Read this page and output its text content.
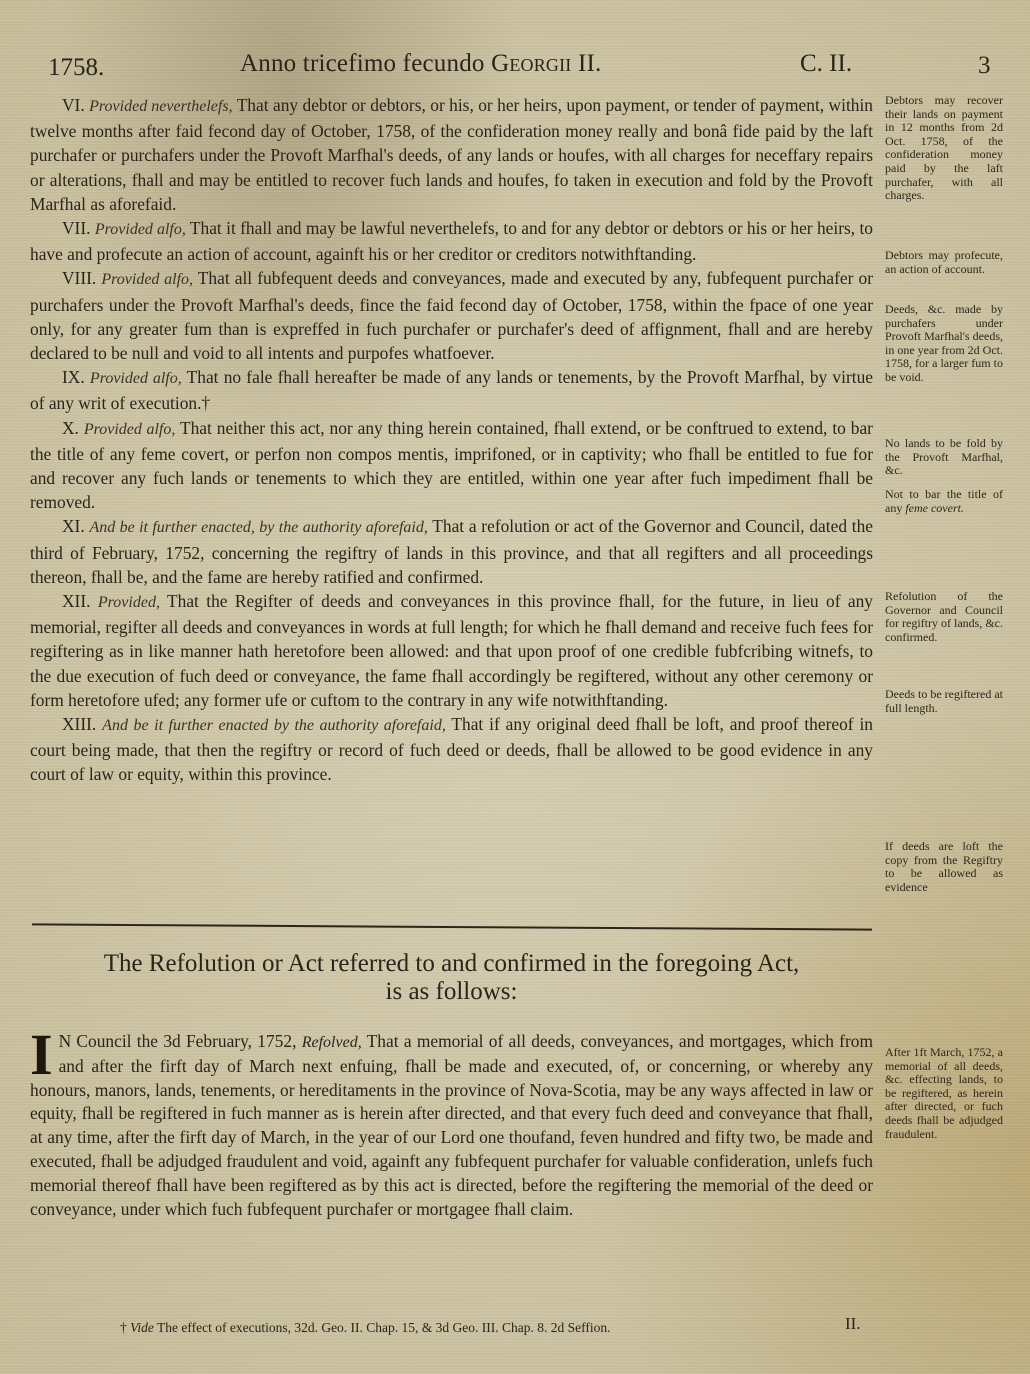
1758.	Anno tricefimo fecundo Georgii II.	C. II.	3

VI. Provided neverthelefs, That any debtor or debtors, or his, or her heirs, upon payment, or tender of payment, within twelve months after faid fecond day of October, 1758, of the confideration money really and bonâ fide paid by the laft purchafer or purchafers under the Provoft Marfhal's deeds, of any lands or houfes, with all charges for neceffary repairs or alterations, fhall and may be entitled to recover fuch lands and houfes, fo taken in execution and fold by the Provoft Marfhal as aforefaid.

VII. Provided alfo, That it fhall and may be lawful neverthelefs, to and for any debtor or debtors or his or her heirs, to have and profecute an action of account, againft his or her creditor or creditors notwithftanding.

VIII. Provided alfo, That all fubfequent deeds and conveyances, made and executed by any, fubfequent purchafer or purchafers under the Provoft Marfhal's deeds, fince the faid fecond day of October, 1758, within the fpace of one year only, for any greater fum than is expreffed in fuch purchafer or purchafer's deed of affignment, fhall and are hereby declared to be null and void to all intents and purpofes whatfoever.

IX. Provided alfo, That no fale fhall hereafter be made of any lands or tenements, by the Provoft Marfhal, by virtue of any writ of execution.†

X. Provided alfo, That neither this act, nor any thing herein contained, fhall extend, or be conftrued to extend, to bar the title of any feme covert, or perfon non compos mentis, imprifoned, or in captivity; who fhall be entitled to fue for and recover any fuch lands or tenements to which they are entitled, within one year after fuch impediment fhall be removed.

XI. And be it further enacted, by the authority aforefaid, That a refolution or act of the Governor and Council, dated the third of February, 1752, concerning the regiftry of lands in this province, and that all regifters and all proceedings thereon, fhall be, and the fame are hereby ratified and confirmed.

XII. Provided, That the Regifter of deeds and conveyances in this province fhall, for the future, in lieu of any memorial, regifter all deeds and conveyances in words at full length; for which he fhall demand and receive fuch fees for regiftering as in like manner hath heretofore been allowed: and that upon proof of one credible fubfcribing witnefs, to the due execution of fuch deed or conveyance, the fame fhall accordingly be regiftered, without any other ceremony or form heretofore ufed; any former ufe or cuftom to the contrary in any wife notwithftanding.

XIII. And be it further enacted by the authority aforefaid, That if any original deed fhall be loft, and proof thereof in court being made, that then the regiftry or record of fuch deed or deeds, fhall be allowed to be good evidence in any court of law or equity, within this province.

Debtors may recover their lands on payment in 12 months from 2d Oct. 1758, of the confideration money paid by the laft purchafer, with all charges.
Debtors may profecute, an action of account.
Deeds, &c. made by purchafers under Provoft Marfhal's deeds, in one year from 2d Oct. 1758, for a larger fum to be void.
No lands to be fold by the Provoft Marfhal, &c.
Not to bar the title of any feme covert.
Refolution of the Governor and Council for regiftry of lands, &c. confirmed.
Deeds to be regiftered at full length.
If deeds are loft the copy from the Regiftry to be allowed as evidence
After 1ft March, 1752, a memorial of all deeds, &c. effecting lands, to be regiftered, as herein after directed, or fuch deeds fhall be adjudged fraudulent.
The Refolution or Act referred to and confirmed in the foregoing Act,
is as follows:
I N Council the 3d February, 1752, Refolved, That a memorial of all deeds, conveyances, and mortgages, which from and after the firft day of March next enfuing, fhall be made and executed, of, or concerning, or whereby any honours, manors, lands, tenements, or hereditaments in the province of Nova-Scotia, may be any ways affected in law or equity, fhall be regiftered in fuch manner as is herein after directed, and that every fuch deed and conveyance that fhall, at any time, after the firft day of March, in the year of our Lord one thoufand, feven hundred and fifty two, be made and executed, fhall be adjudged fraudulent and void, againft any fubfequent purchafer for valuable confideration, unlefs fuch memorial thereof fhall have been regiftered as by this act is directed, before the regiftering the memorial of the deed or conveyance, under which fuch fubfequent purchafer or mortgagee fhall claim.
† Vide The effect of executions, 32d. Geo. II. Chap. 15, & 3d Geo. III. Chap. 8. 2d Seffion.	II.
